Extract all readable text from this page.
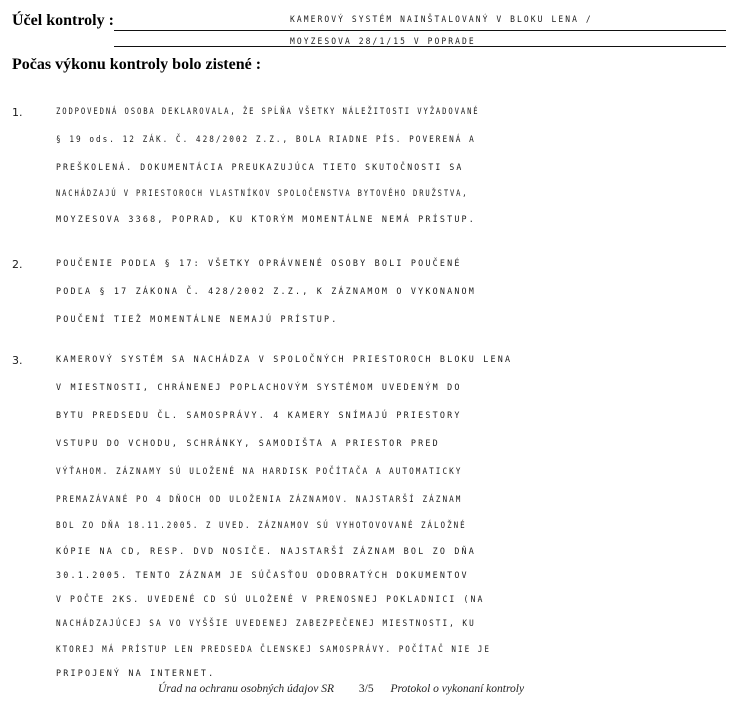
Účel kontroly :	KAMEROVÝ SYSTÉM NAINŠTALOVANÝ V BLOKU LENA /
MOYZESOVA 28/1/15 V POPRADE
Počas výkonu kontroly bolo zistené :
1.	ZODPOVEDNÁ OSOBA DEKLAROVALA, ŽE SPĹŇA VŠETKY NÁLEŽITOSTI VYŽADOVANÉ
§ 19 ods. 12 ZÁK. Č. 428/2002 Z.Z., BOLA RIADNE PÍS. POVERENÁ A
PREŠKOLENÁ. DOKUMENTÁCIA PREUKAZUJÚCA TIETO SKUTOČNOSTI SA
NACHÁDZAJÚ V PRIESTOROCH VLASTNÍKOV SPOLOČENSTVA BYTOVÉHO DRUŽSTVA,
MOYZESOVA 3368, POPRAD, KU KTORÝM MOMENTÁLNE NEMÁ PRÍSTUP.
2.	POUČENIE PODĽA § 17: VŠETKY OPRÁVNENÉ OSOBY BOLI POUČENÉ
PODĽA § 17 ZÁKONA Č. 428/2002 Z.Z., K ZÁZNAMOM O VYKONANOM
POUČENÍ TIEŽ MOMENTÁLNE NEMAJÚ PRÍSTUP.
3.	KAMEROVÝ SYSTÉM SA NACHÁDZA V SPOLOČNÝCH PRIESTOROCH BLOKU LENA
V MIESTNOSTI, CHRÁNENEJ POPLACHOVÝM SYSTÉMOM UVEDENÝM DO
BYTU PREDSEDU ČL. SAMOSPRÁVY. 4 KAMERY SNÍMAJÚ PRIESTORY
VSTUPU DO VCHODU, SCHRÁNKY, SAMODIŠTA A PRIESTOR PRED
VÝŤAHOM. ZÁZNAMY SÚ ULOŽENÉ NA HARDISK POČÍTAČA A AUTOMATICKY
PREMAZÁVANÉ PO 4 DŇOCH OD ULOŽENIA ZÁZNAMOV. NAJSTARŠÍ ZÁZNAM
BOL ZO DŇA 18.11.2005. Z UVED. ZÁZNAMOV SÚ VYHOTOVOVANÉ ZÁLOŽNÉ
KÓPIE NA CD, RESP. DVD NOSIČE. NAJSTARŠÍ ZÁZNAM BOL ZO DŇA
30.1.2005. TENTO ZÁZNAM JE SÚČASŤOU ODOBRATÝCH DOKUMENTOV
V POČTE 2KS. UVEDENÉ CD SÚ ULOŽENÉ V PRENOSNEJ POKLADNICI (NA
NACHÁDZAJÚCEJ SA VO VYŠŠIE UVEDENEJ ZABEZPEČENEJ MIESTNOSTI, KU
KTOREJ MÁ PRÍSTUP LEN PREDSEDA ČLENSKEJ SAMOSPRÁVY. POČÍTAČ NIE JE
PRIPOJENÝ NA INTERNET.
Úrad na ochranu osobných údajov SR 3/5 Protokol o vykonaní kontroly
